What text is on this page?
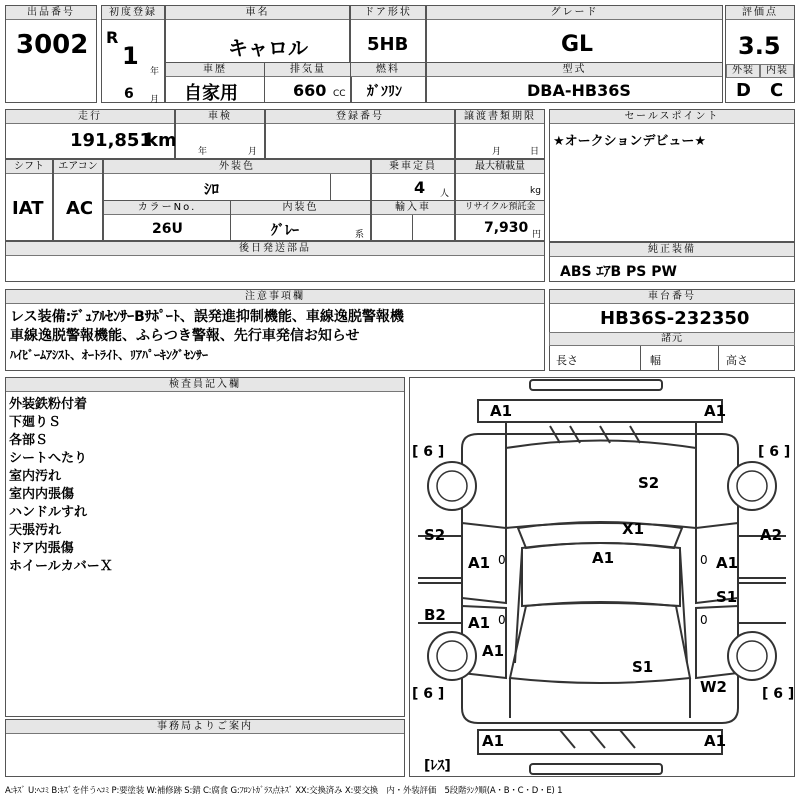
出品番号
3002
初度登録
R
1
年
6 月
車名
キャロル
ドア形状
5HB
グレード
GL
評価点
3.5
外装	内装
D C
車歴
自家用
排気量
660 CC
燃料
ｶﾞｿﾘﾝ
型式
DBA-HB36S
走行
191,851
km
車検
年	月
登録番号	譲渡書類期限
月	日
シフト
IAT
エアコン
AC
外装色
ｼﾛ
乗車定員
4 人
最大積載量
kg
カラーNo.
26U
内装色
ｸﾞﾚｰ	系
輸入車	リサイクル預託金
7,930 円
後日発送部品
セールスポイント
★オークションデビュー★
純正装備
ABS ｴｱB PS PW
注意事項欄
レス装備:ﾃﾞｭｱﾙｾﾝｻｰBｻﾎﾟｰﾄ、誤発進抑制機能、車線逸脱警報機
車線逸脱警報機能、ふらつき警報、先行車発信お知らせ
ﾊｲﾋﾞｰﾑｱｼｽﾄ、ｵｰﾄﾗｲﾄ、ﾘｱﾊﾟｰｷﾝｸﾞｾﾝｻｰ
車台番号
HB36S-232350
諸元
長さ	幅	高さ
検査員記入欄
外装鉄粉付着
下廻りＳ
各部Ｓ
シートへたり
室内汚れ
室内内張傷
ハンドルすれ
天張汚れ
ドア内張傷
ホイールカバーＸ
事務局よりご案内
A1	A1
S2
X1
S2	A2
A1	A1	A1
S1
B2 A1
A1
S1
W2
A1	A1
[ 6 ]	[ 6 ]
[ 6 ]	[ 6 ]
[ﾚｽ]
0
0
0
0
A:ｷｽﾞ U:ﾍｺﾐ B:ｷｽﾞを伴うﾍｺﾐ P:要塗装 W:補修跡 S:錆 C:腐食 G:ﾌﾛﾝﾄｶﾞﾗｽ点ｷｽﾞ XX:交換済み X:要交換　内・外装評価　5段階ﾗﾝｸ順(A・B・C・D・E) 1
